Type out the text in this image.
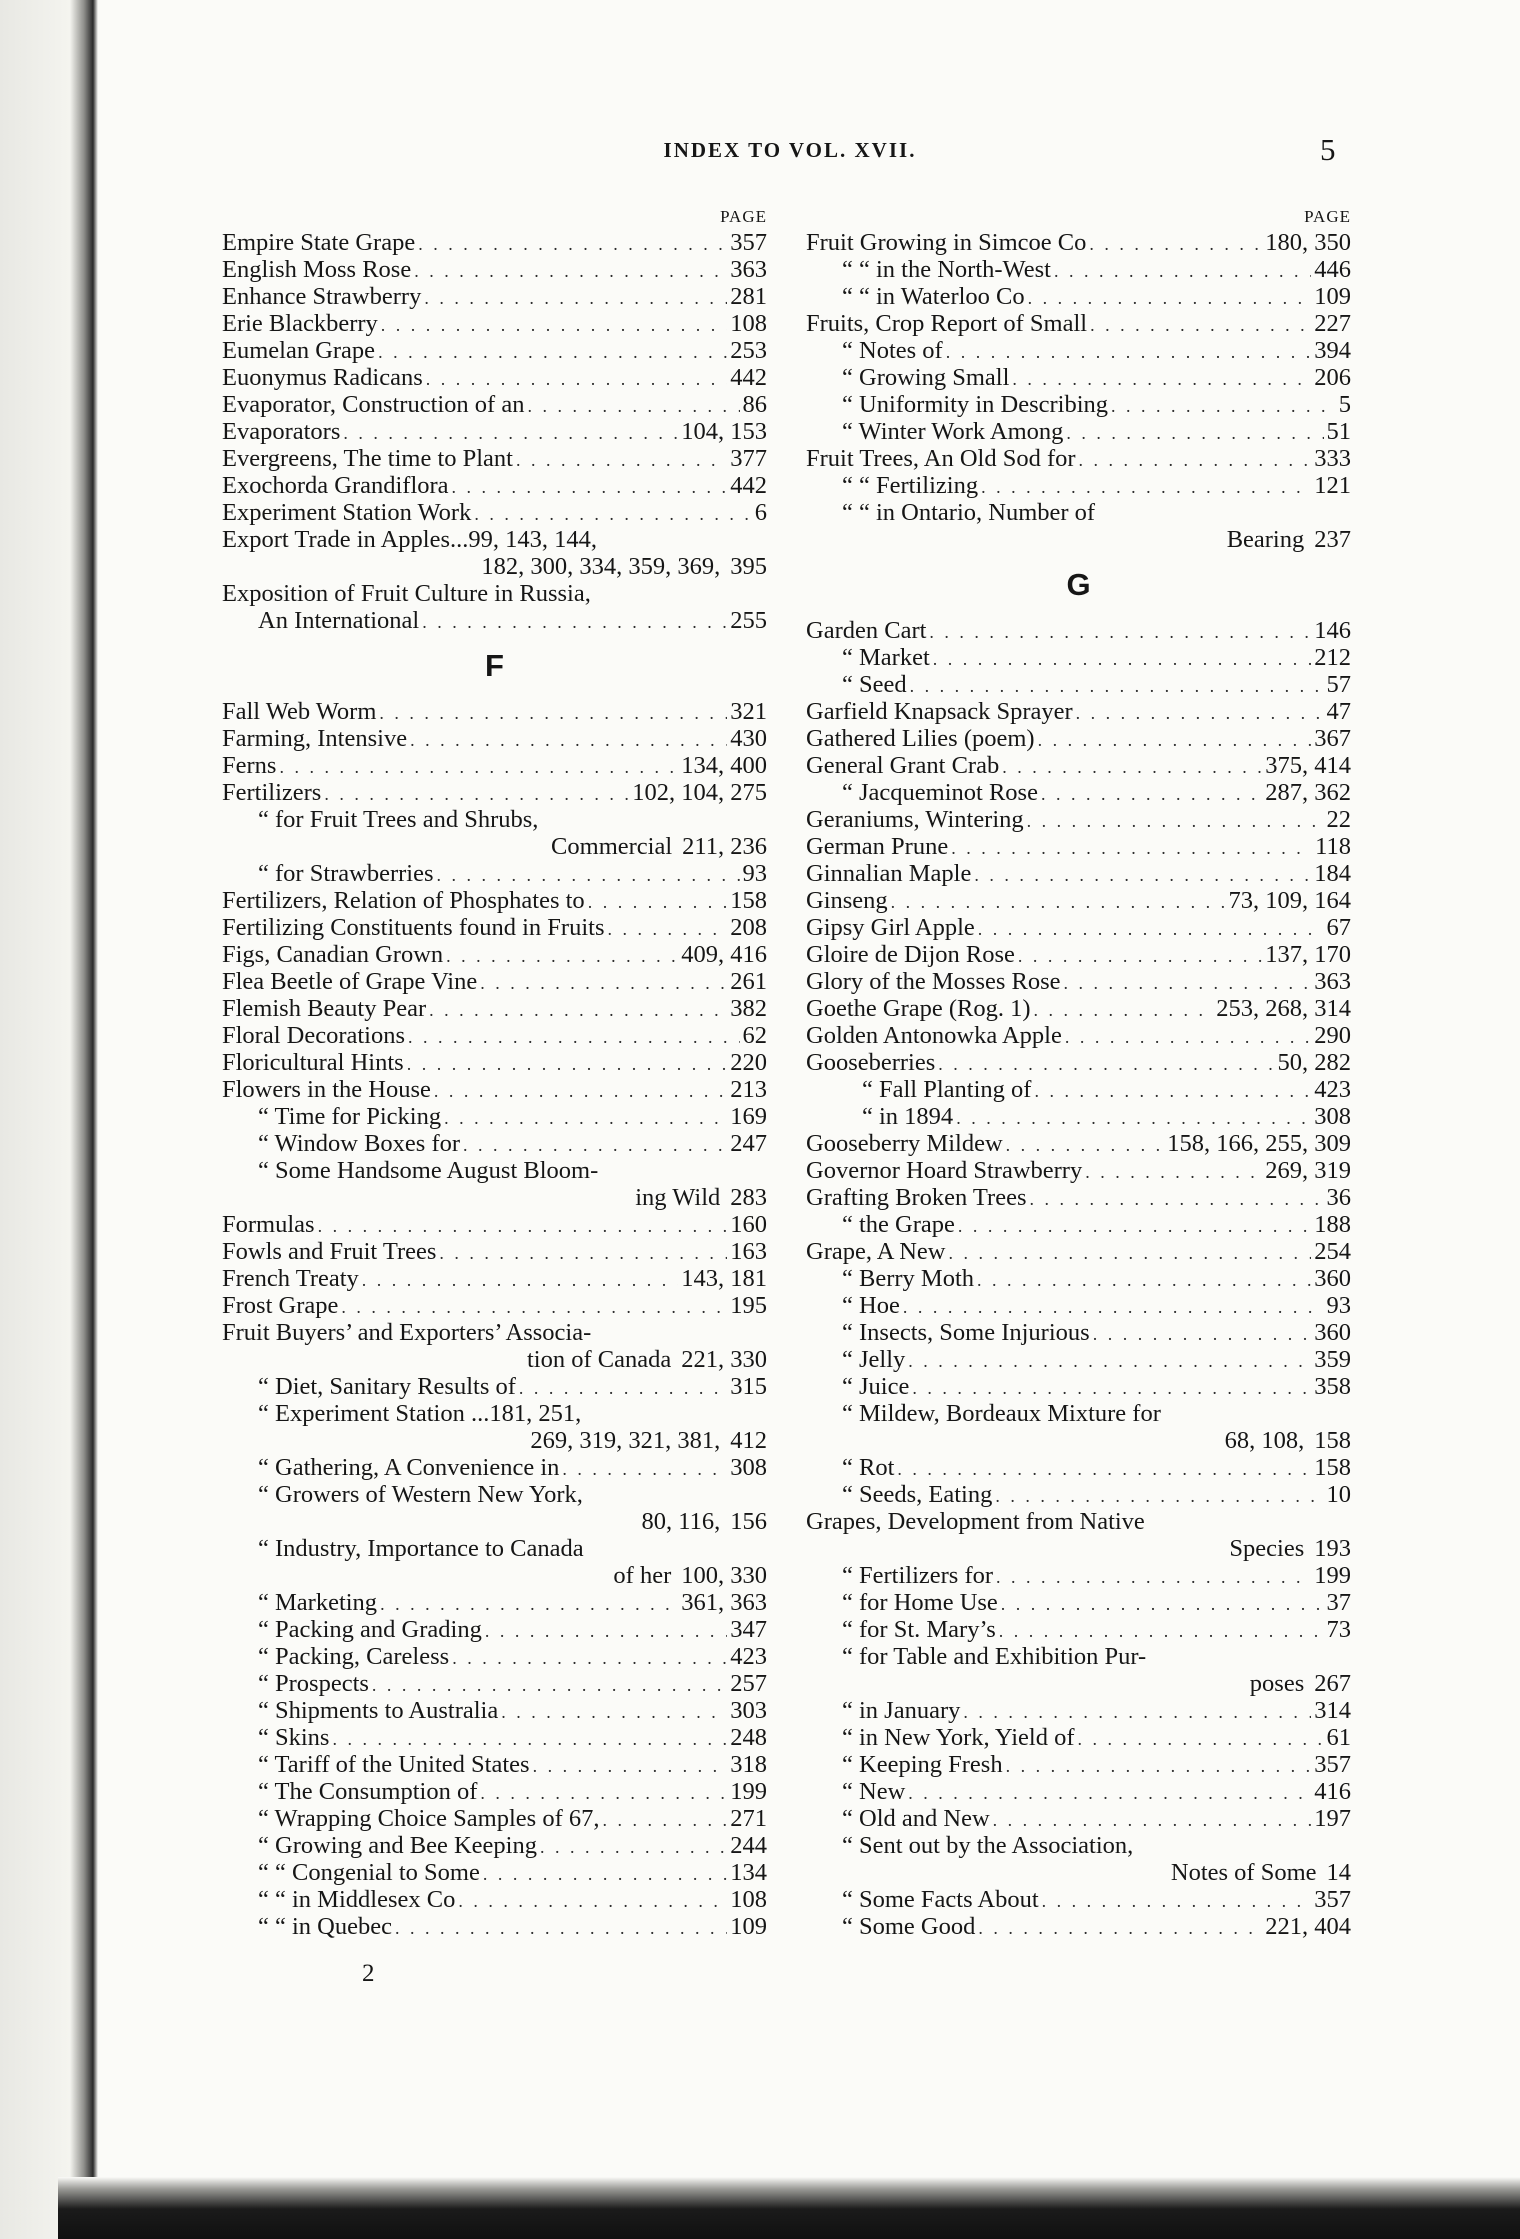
INDEX TO VOL. XVII.	5
PAGE
Empire State Grape . . .	357
English Moss Rose . . .	363
Enhance Strawberry . . .	281
Erie Blackberry . . .	108
Eumelan Grape . . .	253
Euonymus Radicans . . .	442
Evaporator, Construction of an . . .	86
Evaporators . . .	104, 153
Evergreens, The time to Plant . . .	377
Exochorda Grandiflora . . .	442
Experiment Station Work . . .	6
Export Trade in Apples...99, 143, 144,
182, 300, 334, 359, 369, 395
Exposition of Fruit Culture in Russia,
An International . . .	255
F
Fall Web Worm . . .	321
Farming, Intensive . . .	430
Ferns . . .	134, 400
Fertilizers . . .	102, 104, 275
“ for Fruit Trees and Shrubs,
Commercial 211, 236
“ for Strawberries . . .	93
Fertilizers, Relation of Phosphates to . . .	158
Fertilizing Constituents found in Fruits . . .	208
Figs, Canadian Grown . . .	409, 416
Flea Beetle of Grape Vine . . .	261
Flemish Beauty Pear . . .	382
Floral Decorations . . .	62
Floricultural Hints . . .	220
Flowers in the House . . .	213
“ Time for Picking . . .	169
“ Window Boxes for . . .	247
“ Some Handsome August Bloom-
ing Wild 283
Formulas . . .	160
Fowls and Fruit Trees . . .	163
French Treaty . . .	143, 181
Frost Grape . . .	195
Fruit Buyers’ and Exporters’ Associa-
tion of Canada 221, 330
“ Diet, Sanitary Results of . . .	315
“ Experiment Station ...181, 251,
269, 319, 321, 381, 412
“ Gathering, A Convenience in . . .	308
“ Growers of Western New York,
80, 116, 156
“ Industry, Importance to Canada
of her 100, 330
“ Marketing . . .	361, 363
“ Packing and Grading . . .	347
“ Packing, Careless . . .	423
“ Prospects . . .	257
“ Shipments to Australia . . .	303
“ Skins . . .	248
“ Tariff of the United States . . .	318
“ The Consumption of . . .	199
“ Wrapping Choice Samples of 67, . . .	271
“ Growing and Bee Keeping . . .	244
“ “ Congenial to Some . . .	134
“ “ in Middlesex Co . . .	108
“ “ in Quebec . . .	109
PAGE
Fruit Growing in Simcoe Co . . .	180, 350
“ “ in the North-West . . .	446
“ “ in Waterloo Co . . .	109
Fruits, Crop Report of Small . . .	227
“ Notes of . . .	394
“ Growing Small . . .	206
“ Uniformity in Describing . . .	5
“ Winter Work Among . . .	51
Fruit Trees, An Old Sod for . . .	333
“ “ Fertilizing . . .	121
“ “ in Ontario, Number of
Bearing 237
G
Garden Cart . . .	146
“ Market . . .	212
“ Seed . . .	57
Garfield Knapsack Sprayer . . .	47
Gathered Lilies (poem) . . .	367
General Grant Crab . . .	375, 414
“ Jacqueminot Rose . . .	287, 362
Geraniums, Wintering . . .	22
German Prune . . .	118
Ginnalian Maple . . .	184
Ginseng . . .	73, 109, 164
Gipsy Girl Apple . . .	67
Gloire de Dijon Rose . . .	137, 170
Glory of the Mosses Rose . . .	363
Goethe Grape (Rog. 1) . . .	253, 268, 314
Golden Antonowka Apple . . .	290
Gooseberries . . .	50, 282
“ Fall Planting of . . .	423
“ in 1894 . . .	308
Gooseberry Mildew . . .	158, 166, 255, 309
Governor Hoard Strawberry . . .	269, 319
Grafting Broken Trees . . .	36
“ the Grape . . .	188
Grape, A New . . .	254
“ Berry Moth . . .	360
“ Hoe . . .	93
“ Insects, Some Injurious . . .	360
“ Jelly . . .	359
“ Juice . . .	358
“ Mildew, Bordeaux Mixture for
68, 108, 158
“ Rot . . .	158
“ Seeds, Eating . . .	10
Grapes, Development from Native
Species 193
“ Fertilizers for . . .	199
“ for Home Use . . .	37
“ for St. Mary’s . . .	73
“ for Table and Exhibition Pur-
poses 267
“ in January . . .	314
“ in New York, Yield of . . .	61
“ Keeping Fresh . . .	357
“ New . . .	416
“ Old and New . . .	197
“ Sent out by the Association,
Notes of Some 14
“ Some Facts About . . .	357
“ Some Good . . .	221, 404
2
